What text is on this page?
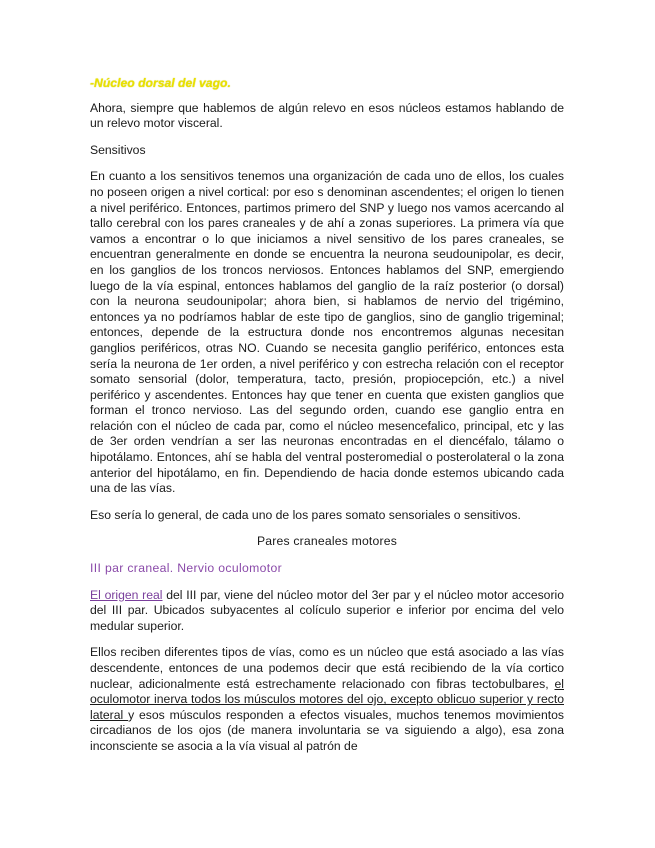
-Núcleo dorsal del vago.

Ahora, siempre que hablemos de algún relevo en esos núcleos estamos hablando de un relevo motor visceral.

Sensitivos

En cuanto a los sensitivos tenemos una organización de cada uno de ellos, los cuales no poseen origen a nivel cortical: por eso s denominan ascendentes; el origen lo tienen a nivel periférico. Entonces, partimos primero del SNP y luego nos vamos acercando al tallo cerebral con los pares craneales y de ahí a zonas superiores. La primera vía que vamos a encontrar o lo que iniciamos a nivel sensitivo de los pares craneales, se encuentran generalmente en donde se encuentra la neurona seudounipolar, es decir, en los ganglios de los troncos nerviosos. Entonces hablamos del SNP, emergiendo luego de la vía espinal, entonces hablamos del ganglio de la raíz posterior (o dorsal) con la neurona seudounipolar; ahora bien, si hablamos de nervio del trigémino, entonces ya no podríamos hablar de este tipo de ganglios, sino de ganglio trigeminal; entonces, depende de la estructura donde nos encontremos algunas necesitan ganglios periféricos, otras NO. Cuando se necesita ganglio periférico, entonces esta sería la neurona de 1er orden, a nivel periférico y con estrecha relación con el receptor somato sensorial (dolor, temperatura, tacto, presión, propiocepción, etc.) a nivel periférico y ascendentes. Entonces hay que tener en cuenta que existen ganglios que forman el tronco nervioso. Las del segundo orden, cuando ese ganglio entra en relación con el núcleo de cada par, como el núcleo mesencefalico, principal, etc y las de 3er orden vendrían a ser las neuronas encontradas en el diencéfalo, tálamo o hipotálamo. Entonces, ahí se habla del ventral posteromedial o posterolateral o la zona anterior del hipotálamo, en fin. Dependiendo de hacia donde estemos ubicando cada una de las vías.

Eso sería lo general, de cada uno de los pares somato sensoriales o sensitivos.

Pares craneales motores

III par craneal. Nervio oculomotor

El origen real del III par, viene del núcleo motor del 3er par y el núcleo motor accesorio del III par. Ubicados subyacentes al colículo superior e inferior por encima del velo medular superior.

Ellos reciben diferentes tipos de vías, como es un núcleo que está asociado a las vías descendente, entonces de una podemos decir que está recibiendo de la vía cortico nuclear, adicionalmente está estrechamente relacionado con fibras tectobulbares, el oculomotor inerva todos los músculos motores del ojo, excepto oblicuo superior y recto lateral y esos músculos responden a efectos visuales, muchos tenemos movimientos circadianos de los ojos (de manera involuntaria se va siguiendo a algo), esa zona inconsciente se asocia a la vía visual al patrón de
